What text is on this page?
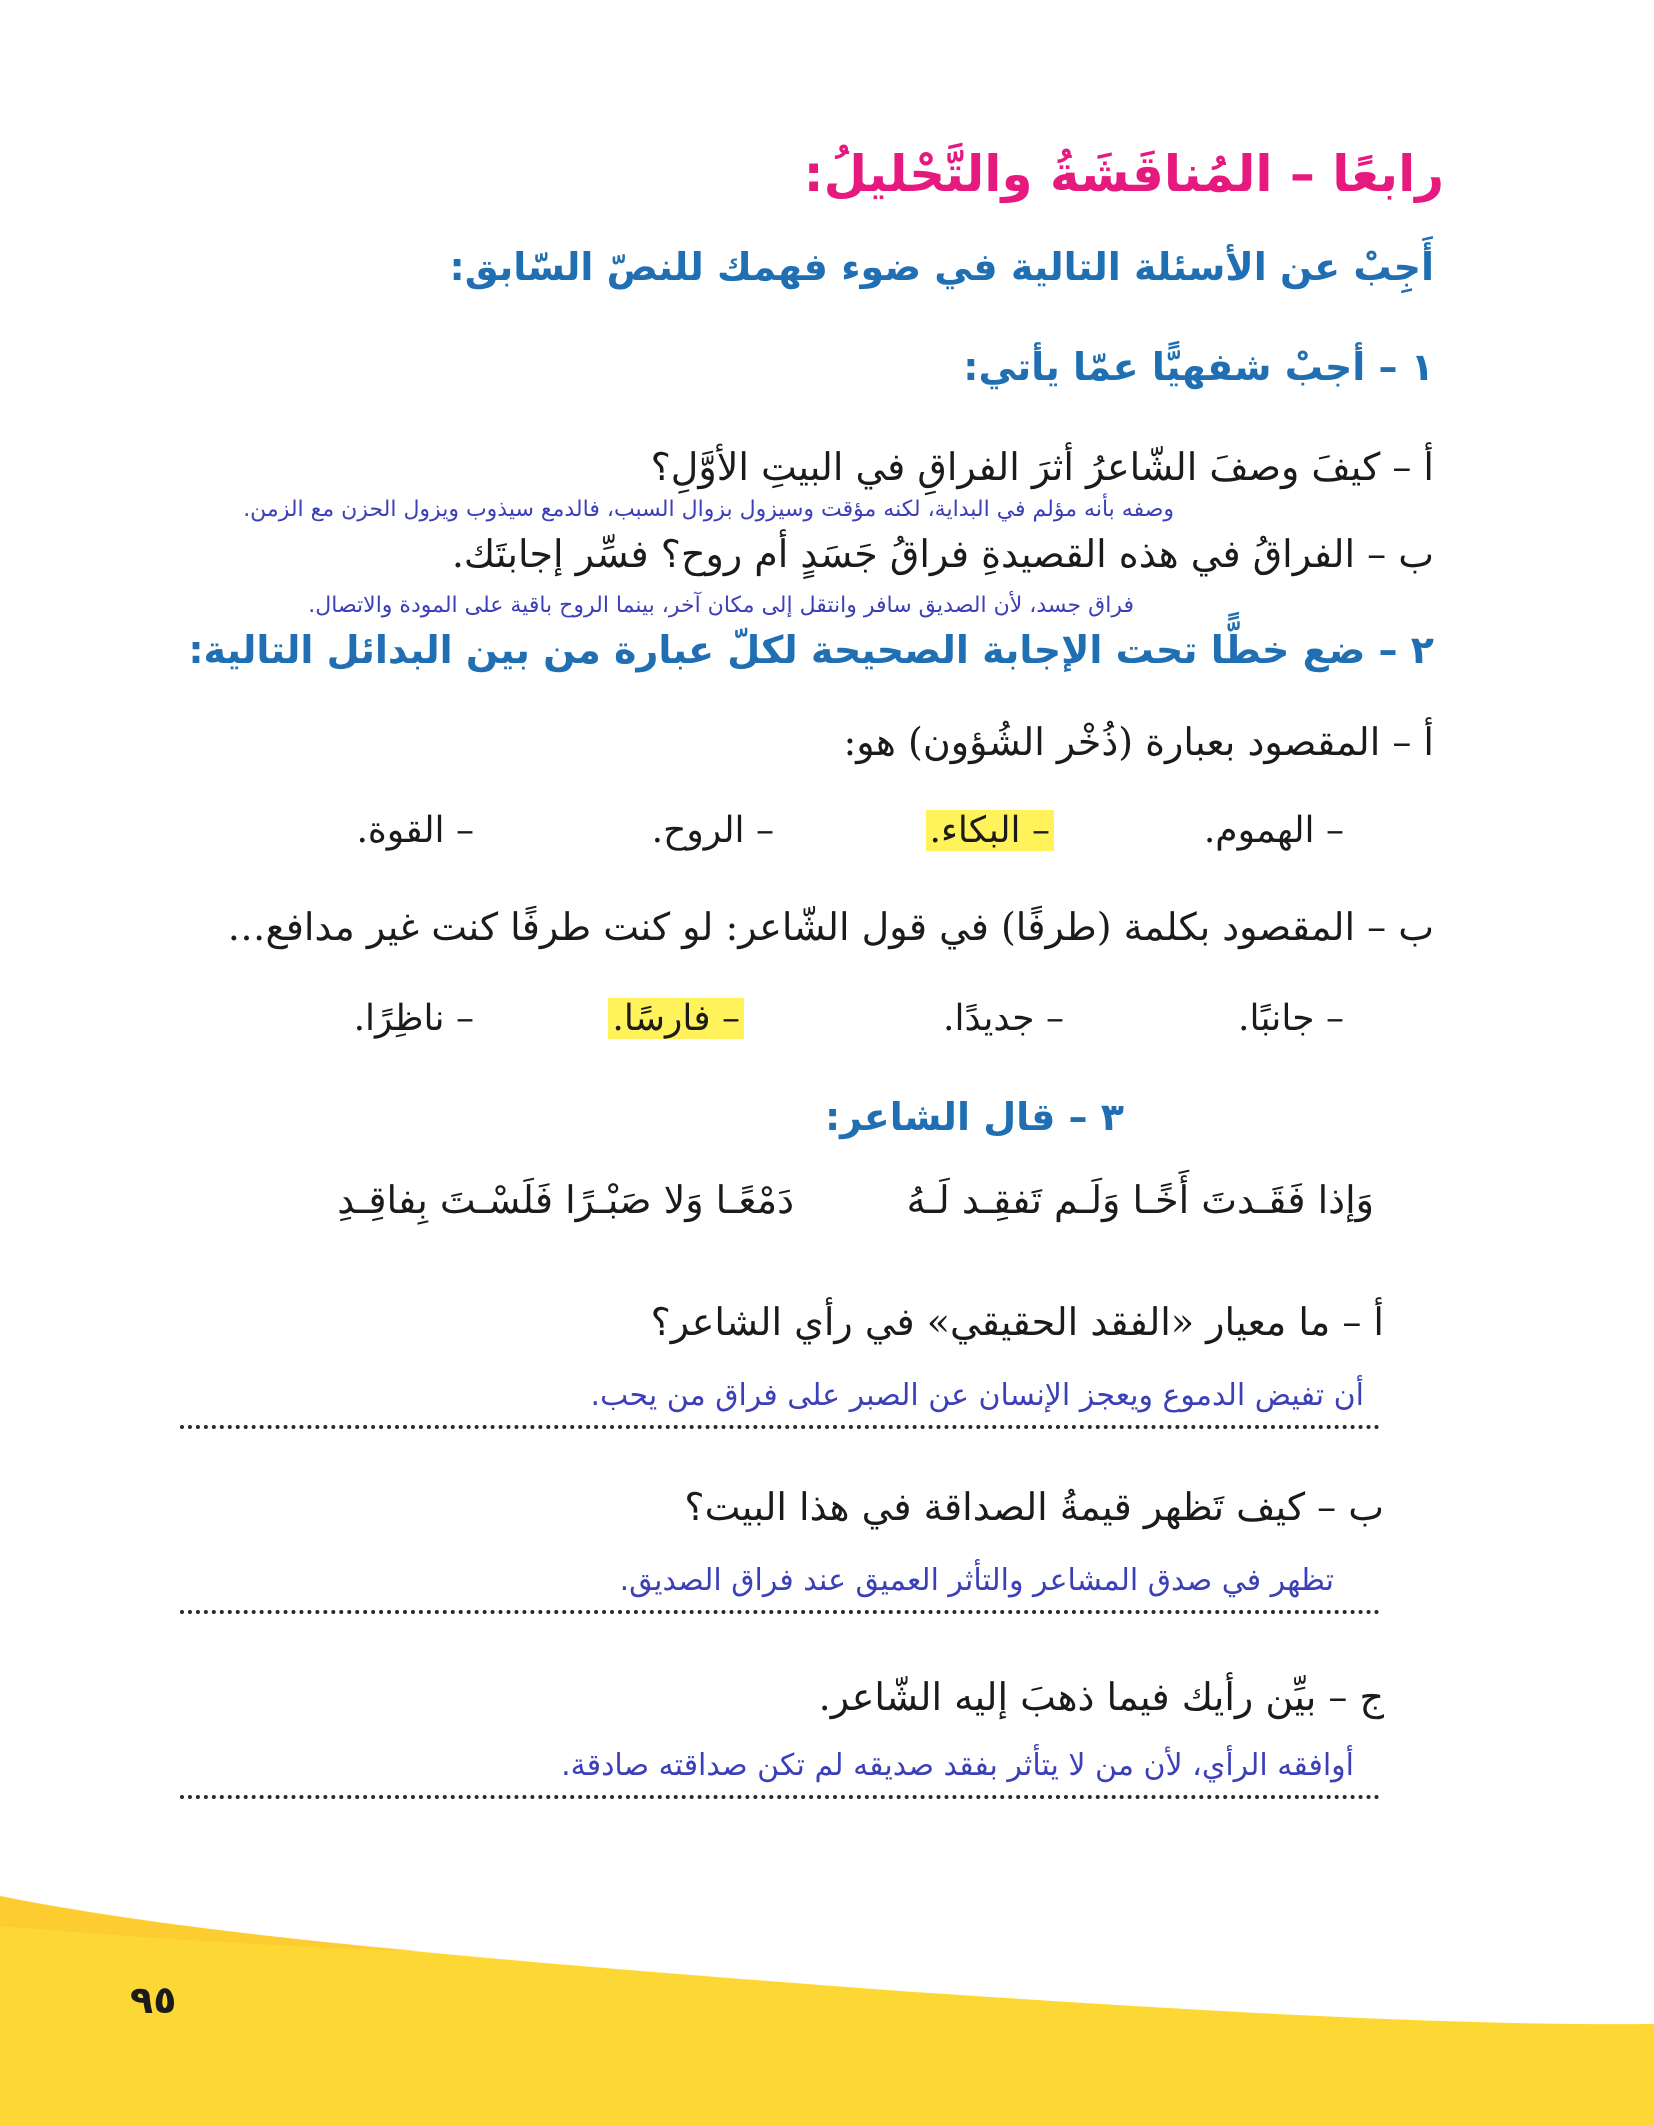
رابعًا – المُناقَشَةُ والتَّحْليلُ:
أَجِبْ عن الأسئلة التالية في ضوء فهمك للنصّ السّابق:
١ – أجبْ شفهيًّا عمّا يأتي:
أ – كيفَ وصفَ الشّاعرُ أثرَ الفراقِ في البيتِ الأوَّلِ؟
وصفه بأنه مؤلم في البداية، لكنه مؤقت وسيزول بزوال السبب، فالدمع سيذوب ويزول الحزن مع الزمن.
ب – الفراقُ في هذه القصيدةِ فراقُ جَسَدٍ أم روح؟ فسِّر إجابتَك.
فراق جسد، لأن الصديق سافر وانتقل إلى مكان آخر، بينما الروح باقية على المودة والاتصال.
٢ – ضع خطًّا تحت الإجابة الصحيحة لكلّ عبارة من بين البدائل التالية:
أ – المقصود بعبارة (ذُخْر الشُؤون) هو:
– الهموم.
– البكاء.
– الروح.
– القوة.
ب – المقصود بكلمة (طرفًا) في قول الشّاعر: لو كنت طرفًا كنت غير مدافع…
– جانبًا.
– جديدًا.
– فارسًا.
– ناظِرًا.
٣ – قال الشاعر:
وَإذا فَقَـدتَ أَخًـا وَلَـم تَفقِـد لَـهُ
دَمْعًـا وَلا صَبْـرًا فَلَسْـتَ بِفاقِـدِ
أ – ما معيار «الفقد الحقيقي» في رأي الشاعر؟
أن تفيض الدموع ويعجز الإنسان عن الصبر على فراق من يحب.
ب – كيف تَظهر قيمةُ الصداقة في هذا البيت؟
تظهر في صدق المشاعر والتأثر العميق عند فراق الصديق.
ج – بيِّن رأيك فيما ذهبَ إليه الشّاعر.
أوافقه الرأي، لأن من لا يتأثر بفقد صديقه لم تكن صداقته صادقة.
٩٥
